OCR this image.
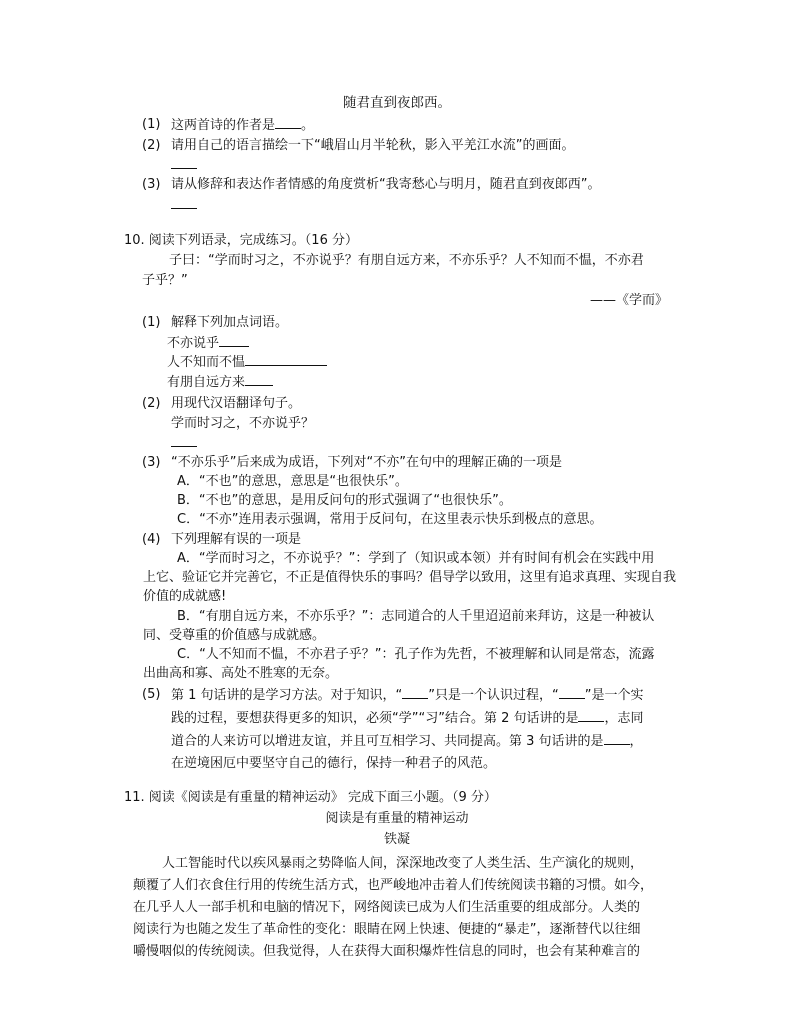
随君直到夜郎西。
(1) 这两首诗的作者是 。
(2) 请用自己的语言描绘一下“峨眉山月半轮秋，影入平羌江水流”的画面。
(3) 请从修辞和表达作者情感的角度赏析“我寄愁心与明月，随君直到夜郎西”。
10. 阅读下列语录，完成练习。（16 分）
子曰：“学而时习之，不亦说乎？有朋自远方来，不亦乐乎？人不知而不愠，不亦君
子乎？”
——《学而》
(1) 解释下列加点词语。
不亦说乎
人不知而不愠
有朋自远方来
(2) 用现代汉语翻译句子。
学而时习之，不亦说乎？
(3) “不亦乐乎”后来成为成语，下列对“不亦”在句中的理解正确的一项是
A．“不也”的意思，意思是“也很快乐”。
B．“不也”的意思，是用反问句的形式强调了“也很快乐”。
C．“不亦”连用表示强调，常用于反问句，在这里表示快乐到极点的意思。
(4) 下列理解有误的一项是
A．“学而时习之，不亦说乎？”：学到了（知识或本领）并有时间有机会在实践中用
上它、验证它并完善它，不正是值得快乐的事吗？倡导学以致用，这里有追求真理、实现自我
价值的成就感!
B．“有朋自远方来，不亦乐乎？”：志同道合的人千里迢迢前来拜访，这是一种被认
同、受尊重的价值感与成就感。
C．“人不知而不愠，不亦君子乎？”：孔子作为先哲，不被理解和认同是常态，流露
出曲高和寡、高处不胜寒的无奈。
(5) 第 1 句话讲的是学习方法。对于知识，“ ”只是一个认识过程，“ ”是一个实
践的过程，要想获得更多的知识，必须“学”“习”结合。第 2 句话讲的是 ，志同
道合的人来访可以增进友谊，并且可互相学习、共同提高。第 3 句话讲的是 ，
在逆境困厄中要坚守自己的德行，保持一种君子的风范。
11. 阅读《阅读是有重量的精神运动》 完成下面三小题。（9 分）
阅读是有重量的精神运动
铁凝
人工智能时代以疾风暴雨之势降临人间，深深地改变了人类生活、生产演化的规则，
颠覆了人们衣食住行用的传统生活方式，也严峻地冲击着人们传统阅读书籍的习惯。如今，
在几乎人人一部手机和电脑的情况下，网络阅读已成为人们生活重要的组成部分。人类的
阅读行为也随之发生了革命性的变化：眼睛在网上快速、便捷的“暴走”，逐渐替代以往细
嚼慢咽似的传统阅读。但我觉得，人在获得大面积爆炸性信息的同时，也会有某种难言的
